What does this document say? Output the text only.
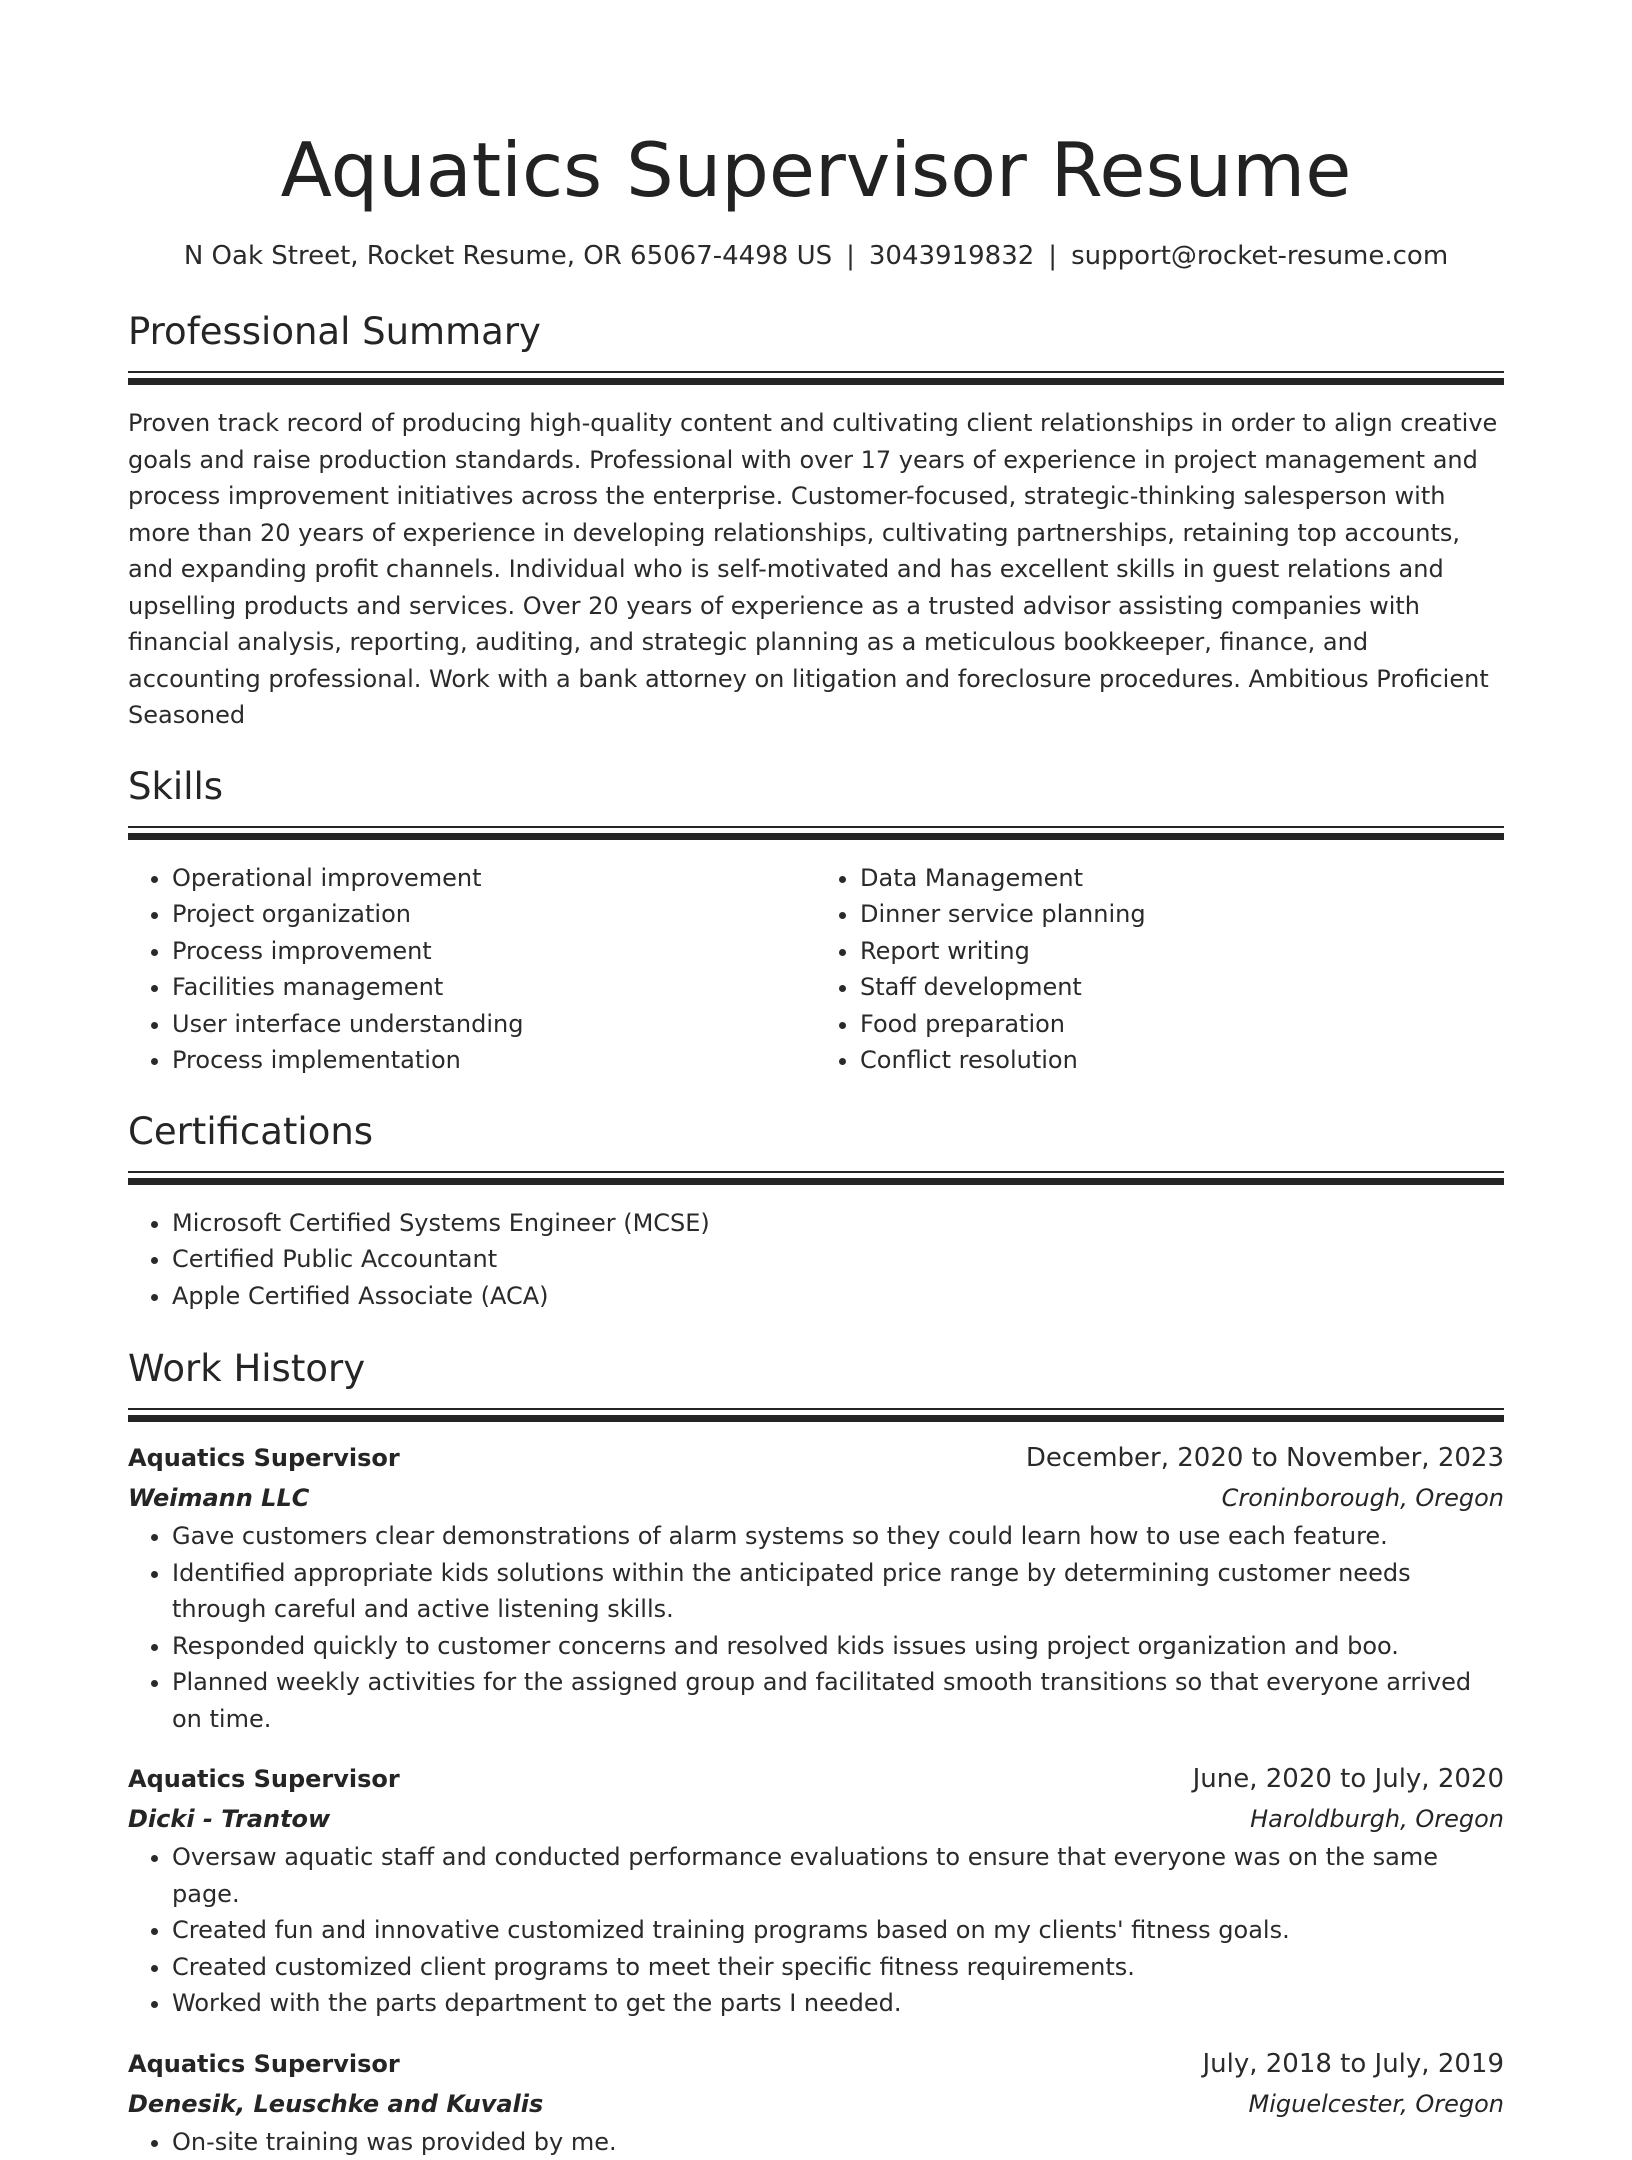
Aquatics Supervisor Resume
N Oak Street, Rocket Resume, OR 65067-4498 US | 3043919832 | support@rocket-resume.com
Professional Summary
Proven track record of producing high-quality content and cultivating client relationships in order to align creative goals and raise production standards. Professional with over 17 years of experience in project management and process improvement initiatives across the enterprise. Customer-focused, strategic-thinking salesperson with more than 20 years of experience in developing relationships, cultivating partnerships, retaining top accounts, and expanding profit channels. Individual who is self-motivated and has excellent skills in guest relations and upselling products and services. Over 20 years of experience as a trusted advisor assisting companies with financial analysis, reporting, auditing, and strategic planning as a meticulous bookkeeper, finance, and accounting professional. Work with a bank attorney on litigation and foreclosure procedures. Ambitious Proficient Seasoned
Skills
• Operational improvement
• Project organization
• Process improvement
• Facilities management
• User interface understanding
• Process implementation
• Data Management
• Dinner service planning
• Report writing
• Staff development
• Food preparation
• Conflict resolution
Certifications
• Microsoft Certified Systems Engineer (MCSE)
• Certified Public Accountant
• Apple Certified Associate (ACA)
Work History
Aquatics Supervisor	December, 2020 to November, 2023
Weimann LLC	Croninborough, Oregon
• Gave customers clear demonstrations of alarm systems so they could learn how to use each feature.
• Identified appropriate kids solutions within the anticipated price range by determining customer needs through careful and active listening skills.
• Responded quickly to customer concerns and resolved kids issues using project organization and boo.
• Planned weekly activities for the assigned group and facilitated smooth transitions so that everyone arrived on time.
Aquatics Supervisor	June, 2020 to July, 2020
Dicki - Trantow	Haroldburgh, Oregon
• Oversaw aquatic staff and conducted performance evaluations to ensure that everyone was on the same page.
• Created fun and innovative customized training programs based on my clients' fitness goals.
• Created customized client programs to meet their specific fitness requirements.
• Worked with the parts department to get the parts I needed.
Aquatics Supervisor	July, 2018 to July, 2019
Denesik, Leuschke and Kuvalis	Miguelcester, Oregon
• On-site training was provided by me.
